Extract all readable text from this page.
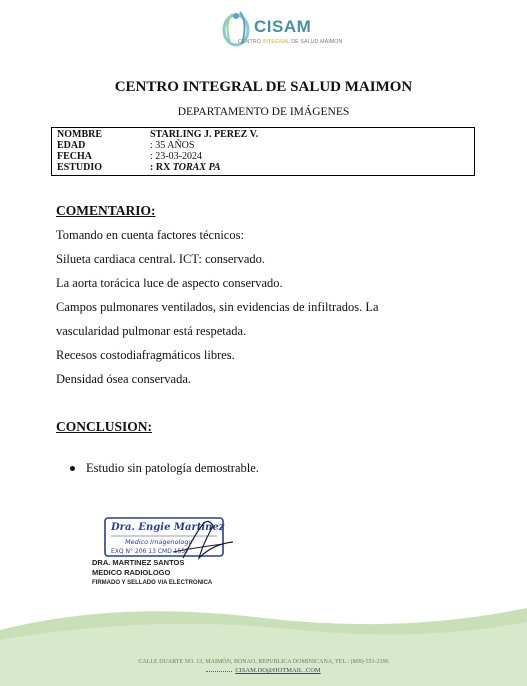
CISAM
CENTRO INTEGRAL DE SALUD MAIMON
CENTRO INTEGRAL DE SALUD MAIMON
DEPARTAMENTO DE IMÁGENES
NOMBRE	STARLING J. PEREZ V.
EDAD	: 35 AÑOS
FECHA	: 23-03-2024
ESTUDIO	: RX TORAX PA
COMENTARIO:
Tomando en cuenta factores técnicos:
Silueta cardiaca central. ICT: conservado.
La aorta torácica luce de aspecto conservado.
Campos pulmonares ventilados, sin evidencias de infiltrados. La
vascularidad pulmonar está respetada.
Recesos costodiafragmáticos libres.
Densidad ósea conservada.
CONCLUSION:
Estudio sin patología demostrable.
Dra. Engie Martinez
Medico Imagenologo
EXQ N° 206 13 CMD 1557
DRA. MARTINEZ SANTOS
MEDICO RADIOLOGO
FIRMADO Y SELLADO VIA ELECTRONICA
CALLE DUARTE NO. 13, MAIMÓN, BONAO, REPUBLICA DOMINICANA, TEL.: (809)-551-2196
CISAM.DO@HOTMAIL .COM
